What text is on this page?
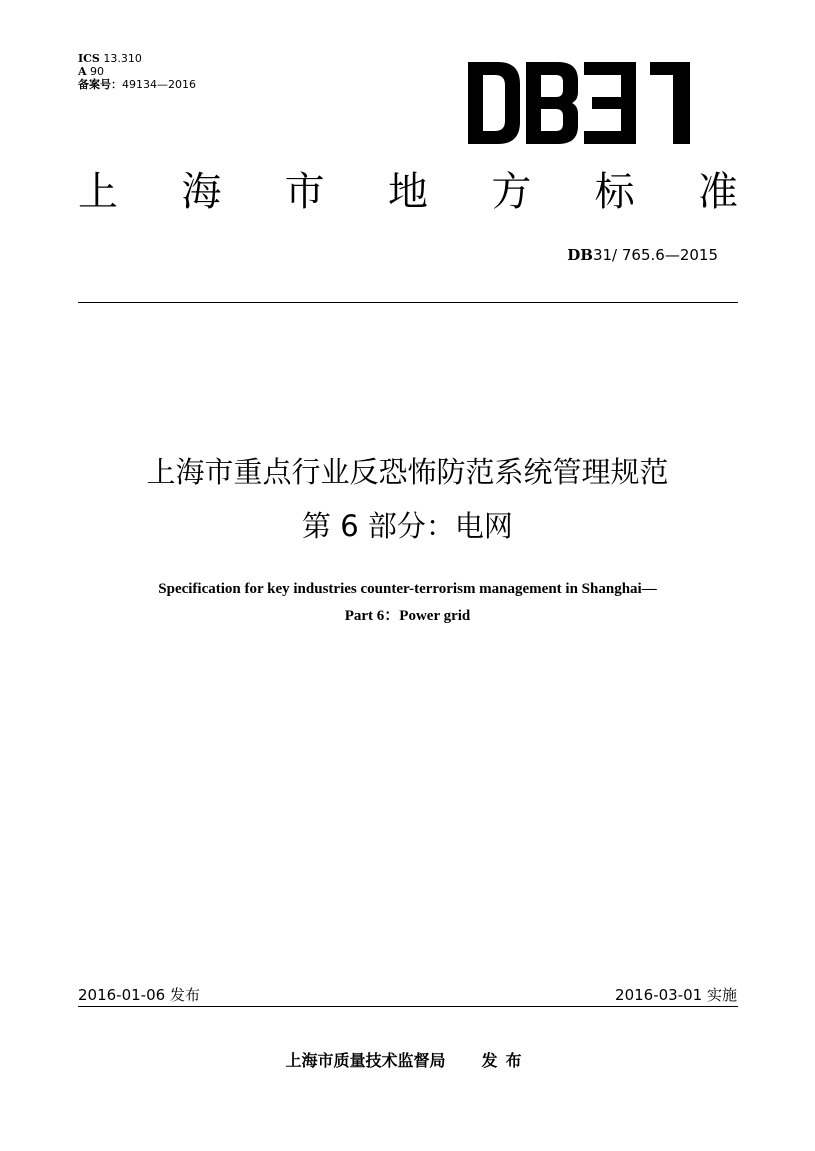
ICS 13.310
A 90
备案号：49134—2016
上 海 市 地 方 标 准
DB31/ 765.6—2015
上海市重点行业反恐怖防范系统管理规范
第 6 部分：电网
Specification for key industries counter-terrorism management in Shanghai—
Part 6：Power grid
2016-01-06 发布	2016-03-01 实施
上海市质量技术监督局 发布
